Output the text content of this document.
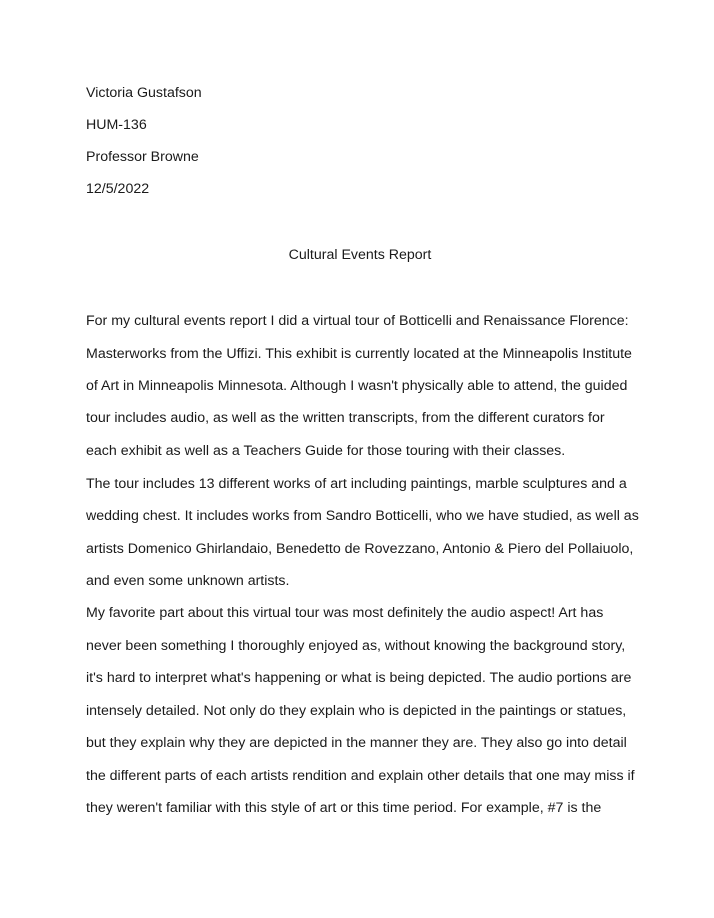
Victoria Gustafson
HUM-136
Professor Browne
12/5/2022
Cultural Events Report
For my cultural events report I did a virtual tour of Botticelli and Renaissance Florence:
Masterworks from the Uffizi. This exhibit is currently located at the Minneapolis Institute
of Art in Minneapolis Minnesota. Although I wasn't physically able to attend, the guided
tour includes audio, as well as the written transcripts, from the different curators for
each exhibit as well as a Teachers Guide for those touring with their classes.
The tour includes 13 different works of art including paintings, marble sculptures and a
wedding chest. It includes works from Sandro Botticelli, who we have studied, as well as
artists Domenico Ghirlandaio, Benedetto de Rovezzano, Antonio & Piero del Pollaiuolo,
and even some unknown artists.
My favorite part about this virtual tour was most definitely the audio aspect! Art has
never been something I thoroughly enjoyed as, without knowing the background story,
it's hard to interpret what's happening or what is being depicted. The audio portions are
intensely detailed. Not only do they explain who is depicted in the paintings or statues,
but they explain why they are depicted in the manner they are. They also go into detail
the different parts of each artists rendition and explain other details that one may miss if
they weren't familiar with this style of art or this time period. For example, #7 is the
